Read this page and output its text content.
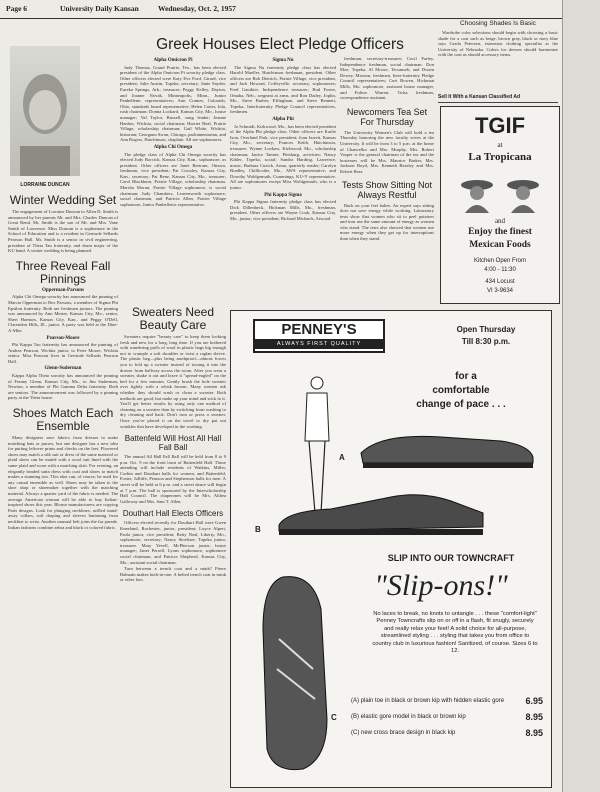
Page 6	University Daily Kansan	Wednesday, Oct. 2, 1957
Greek Houses Elect Pledge Officers
LORRAINE DUNCAN
Winter Wedding Set

The engagement of Lorraine Duncan to Allen D. Smith is announced by her parents Mr. and Mrs. Charles Duncan of Great Bend. Mr. Smith is the son of Mr. and Mrs. Vane Smith of Lawrence. Miss Duncan is a sophomore in the School of Education and is a resident in Gertrude Sellards Pearson Hall. Mr. Smith is a senior in civil engineering, president of Theta Tau fraternity, and drum major of the KU band. A winter wedding is being planned.

Three Reveal Fall Pinnings
Opperman-Parsons

Alpha Chi Omega sorority has announced the pinning of Marcia Opperman to Rex Parsons, a member of Sigma Phi Epsilon fraternity. Both are freshmen juniors. The pinning was announced by Ann Mester, Kansas City, Mo., senior, Sheri Harmon, Kansas City, Kan., and Peggy O'Dell, Clarendon Hills, Ill., junior. A party was held at the Dine-A-Mite.

Pearson-Moore

Phi Kappa Tau fraternity has announced the pinning of Andrea Pearson, Wichita junior, to Peter Moore, Wichita senior. Miss Pearson lives in Gertrude Sellards Pearson Hall.

Glenn-Suderman

Kappa Alpha Theta sorority has announced the pinning of Franny Glenn, Kansas City, Mo., to Jim Suderman, Newton, a member of Phi Gamma Delta fraternity. Both are seniors. The announcement was followed by a pinning party at the Theta house.

Shoes Match Each Ensemble

Many designers save fabrics from dresses to make matching hats or purses, but one designer has a new idea for putting leftover prints and checks on the feet. Flowered shoes may match a silk suit or dress of the same material or plaid shoes can be mated with a wool suit lined with the same plaid and worn with a matching skirt. For evening, an elegantly beaded satin dress with coat and shoes to match makes a stunning trio. This idea can, of course, be used for any casual ensemble as well. Shoes may be taken to the shoe shop or shoemaker together with the matching material. Always a quarter yard of the fabric is needed. The average American woman will be able to buy Italian-inspired shoes this year. Blouse manufacturers are copying Paris designs. Look for plunging necklines, ruffled stand-away collars, soft draping and sleeves buttoning from neckline to wrist. Another unusual belt joins the fur parade. Italian fashions combine zebra and black or colored fabric.

Alpha Omicron Pi

Judy Thomas, Grand Prairie, Tex., has been elected president of the Alpha Omicron Pi sorority pledge class. Other officers elected were Katy Eve Ford, Girard, vice president; Julie Austin, Topeka, secretary; Janie Snyder, Eureka Springs, Ark., treasurer; Peggy Kelley, Dayton, and Joanne Novak, Minneapolis, Minn., Junior Panhellenic representatives; Ann Cramer, Colorado, Ohio, standards board representative; Helen Carter, Iola, rush chairman; Donna Lockard, Kansas City, Mo., house manager; Val Taylor, Russell, song leader; Jeanne Hanlon, Wichita, social chairman; Harriet Beal, Prairie Village, scholarship chairman; Gail White, Wichita, historian; Georgann Swan, Chicago, parliamentarian, and Ann Rogers, Hutchinson, chaplain. All are sophomores.

Alpha Chi Omega

The pledge class of Alpha Chi Omega sorority has elected Judy Borcich, Kansas City, Kan., sophomore, as president. Other officers are Janet Bertram, Ottawa, freshman, vice president; Pat Crossley, Kansas City, Kan., secretary; Pat Benz, Kansas City, Mo., treasurer; Carol Blackburn, Prairie Village, scholarship chairman. Marsha Moran, Prairie Village sophomore, is social chairman; Judy Chambers, Leavenworth sophomore, social chairman, and Patricia Allen, Prairie Village sophomore, Junior Panhellenic representative.

Sigma Nu

The Sigma Nu fraternity pledge class has elected Harold Mueller, Hutchinson freshman, president. Other officers are Bob Dietrich, Prairie Village, vice president, and Jack Howard, Coffeyville, secretary, sophomores; Fred Gauthier, Independence treasurer; Bud Foster, Omaha, Neb., sergeant at arms, and Ron Dailey, Joplin, Mo., Steve Barber, Effingham, and Steve Bennett, Topeka, Interfraternity Pledge Council representatives, freshmen.

Alpha Phi

Jo Schmidt, Kirkwood, Mo., has been elected president of the Alpha Phi pledge class. Other officers are Karlie Ison, Overland Park, vice president; Joan Jarrett, Kansas City, Mo., secretary; Frances Keith, Hutchinson, treasurer; Wynne Lookaw, Kirkwood, Mo., scholarship chairman; Janice Tanner, Pittsburg, activities; Nancy Kibler, Topeka, social; Sandra Harding, Lawrence, music; Barbara Cuzick, Arma, quarterly reader; Carolyn Bradley, Chillicothe, Mo., AWS representative, and Dorothy Wohlgemuth, Cummings, KU-Y representative. All are sophomores except Miss Wohlgemuth, who is a junior.

Phi Kappa Sigma

Phi Kappa Sigma fraternity pledge class has elected Dick Dillenbeck, Hickman Mills, Mo., freshman, president. Other officers are Wayne Cook, Kansas City, Mo., junior, vice president; Richard Michaels, Atwood

freshman, secretary-treasurer; Cecil Farley, Independence freshman, social chairman. Don Moe, Topeka, Al Moore, Tecumseh, and Dwain Dewey, Mission, freshmen, Inter-fraternity Pledge Council representatives; Curt Bowen, Hickman Mills, Mo. sophomore, assistant house manager, and Fulton Warren, Tulsa freshman, correspondence assistant.

Newcomers Tea Set For Thursday

The University Women's Club will hold a tea Thursday honoring the new faculty wives at the University. It will be from 3 to 5 p.m. at the home of Chancellor and Mrs. Murphy. Mrs. Robert Vosper is the general chairman of the tea and the hostesses will be Mrs. Maurice Barker, Mrs. Jackson Boyd, Mrs. Kenneth Beasley and Mrs. Robert Beer.

Tests Show Sitting Not Always Restful

Back on your feet ladies. An expert says sitting does not save energy while working. Laboratory tests show that women who sit to peel potatoes and iron use the same amount of energy as women who stand. The tests also showed that women use more energy when they get up for interruptions than when they stand.

Choosing Shades Is Basic

Wardrobe color selections should begin with choosing a basic shade for a coat such as beige, brown gray, black or navy blue says Gerda Petersen, extension clothing specialist at the University of Nebraska. Colors for dresses should harmonize with the coat as should accessory items.

Sell It With a Kansan Classified Ad
TGIF
at
La Tropicana
and
Enjoy the finest
Mexican Foods
Kitchen Open From
4:00 - 11:30
434 Locust
VI 3-9634
Sweaters Need Beauty Care

Sweaters require "beauty care" to keep them looking fresh and new for a long, long time. If you are bothered with wandering puffs of wool in plastic bags big enough not to crumple a soft shoulder or twist a raglan sleeve. The plastic bag—plus being mothproof—almost forces you to fold up a sweater instead of tossing it into the drawer from halfway across the room. After you wear a sweater, shake it out and leave it "spread-eagled" on the bed for a few minutes. Gently brush the hole sweater over lightly with a whisk broom. Many women ask whether they should wash or clean a sweater. Both methods are good, but make up your mind and stick to it. You'll get better results by using only one method of cleaning on a sweater than by switching from washing to dry cleaning and back. Don't iron or press a sweater. Once you've placed it on the towel to dry pat out wrinkles that have developed in the washing.

Battenfeld Will Host All Hall Fall Ball

The annual All Hall Fall Ball will be held from 8 to 9 p.m. Oct. 9 on the front lawn of Battenfeld Hall. Those attending will include residents of Watkins, Miller, Corbin and Douthart halls for women, and Battenfeld, Foster, Jolliffe, Pearson and Stephenson halls for men. A street will be held at 6 p.m. and a street dance will begin at 7 p.m. The ball is sponsored by the Interscholarship Hall Council. The chaperones will be Mrs. Althea Galloway and Mrs. Sam T. Allen.

Douthart Hall Elects Officers

Officers elected recently for Douthart Hall were Gwen Kneeland, Rochester, junior, president; Loyce Alpert, Paola junior, vice president; Betty Neal, Liberty, Mo., sophomore, secretary; Nancy Stoeltzer, Topeka junior, treasurer. Mary Yevell, McPherson junior, house manager; Janet Persell, Lyons sophomore, sophomore social chairman, and Patricia Shepherd, Kansas City, Mo., assistant social chairman.

Turn between a trench coat and a mink? Pierre Balmain makes both-in-one: A belted trench coat in mink or other furs.

PENNEY'S
ALWAYS FIRST QUALITY
Open Thursday
Till 8:30 p.m.
for a
comfortable
change of pace . . .
A
B
SLIP INTO OUR TOWNCRAFT
"Slip-ons!"
C
No laces to break, no knots to untangle . . . these "comfort-light" Penney Towncrafts slip on or off in a flash, fit snugly, securely and really relax your feet! A solid choice for all-purpose, streamlined styling . . . styling that takes you from office to country club in luxurious fashion! Sanitized, of course. Sizes 6 to 12.
(A) plain toe in black or brown kip with hidden elastic gore	6.95
(B) elastic gore model in black or brown kip	8.95
(C) new cross brace design in black kip	8.95
